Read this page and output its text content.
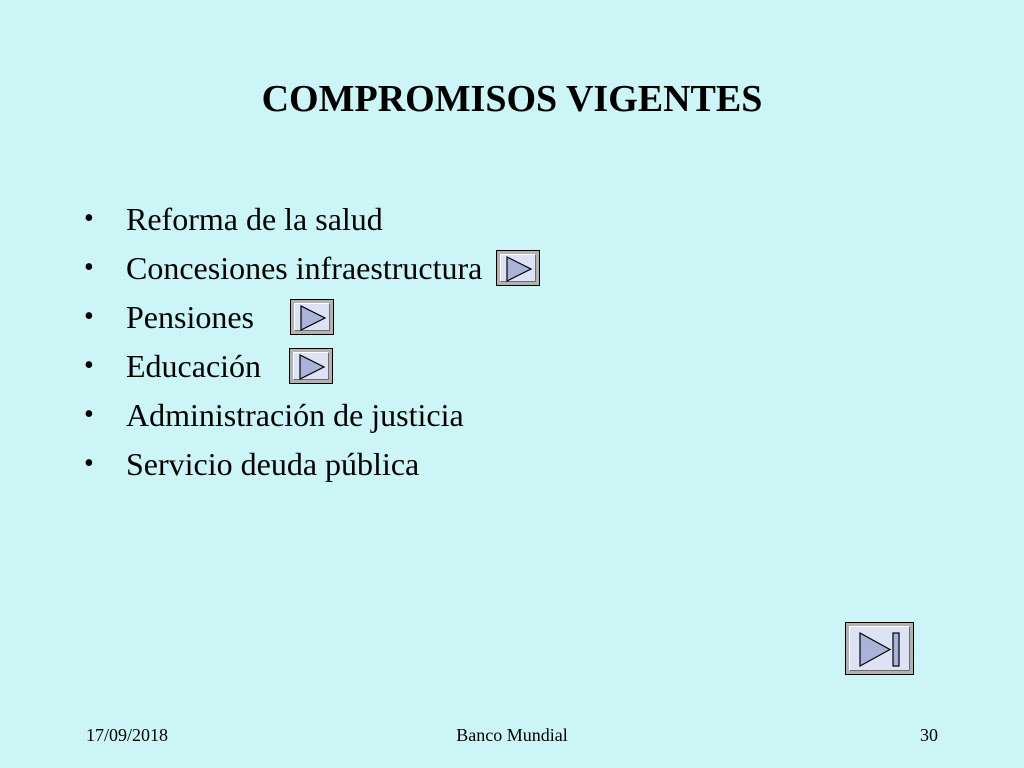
COMPROMISOS VIGENTES
•	Reforma de la salud
•	Concesiones infraestructura
•	Pensiones
•	Educación
•	Administración de justicia
•	Servicio deuda pública
17/09/2018	Banco Mundial	30
